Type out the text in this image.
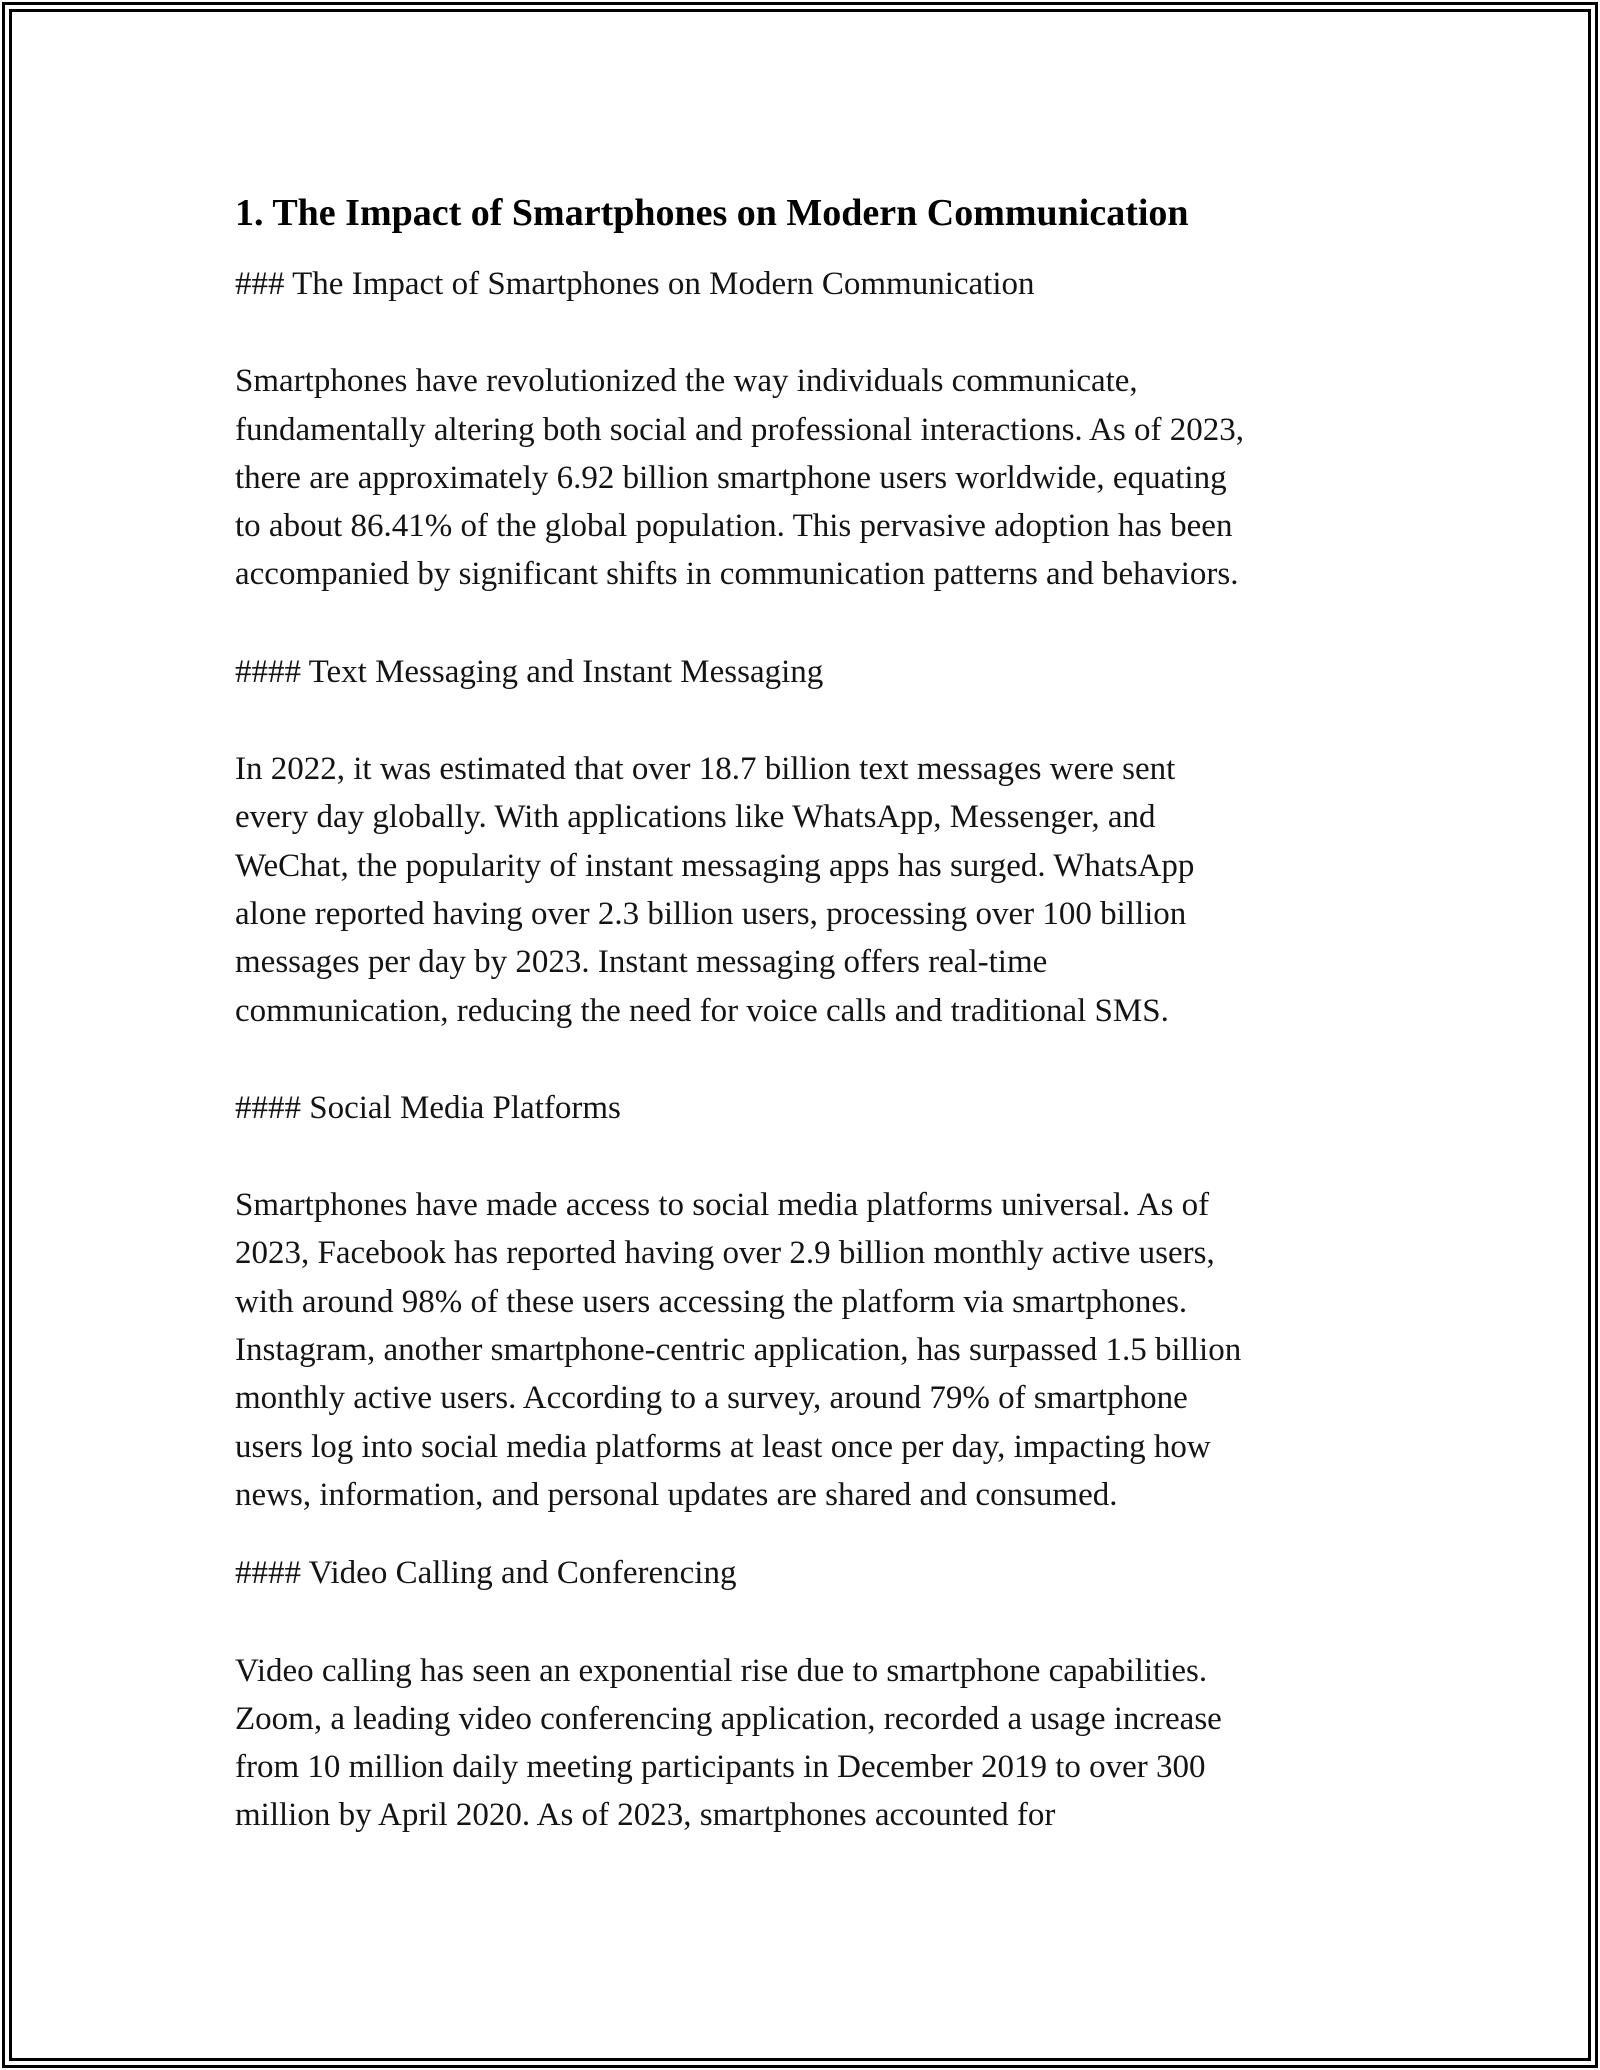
1. The Impact of Smartphones on Modern Communication

### The Impact of Smartphones on Modern Communication

Smartphones have revolutionized the way individuals communicate,
fundamentally altering both social and professional interactions. As of 2023,
there are approximately 6.92 billion smartphone users worldwide, equating
to about 86.41% of the global population. This pervasive adoption has been
accompanied by significant shifts in communication patterns and behaviors.

#### Text Messaging and Instant Messaging

In 2022, it was estimated that over 18.7 billion text messages were sent
every day globally. With applications like WhatsApp, Messenger, and
WeChat, the popularity of instant messaging apps has surged. WhatsApp
alone reported having over 2.3 billion users, processing over 100 billion
messages per day by 2023. Instant messaging offers real-time
communication, reducing the need for voice calls and traditional SMS.

#### Social Media Platforms

Smartphones have made access to social media platforms universal. As of
2023, Facebook has reported having over 2.9 billion monthly active users,
with around 98% of these users accessing the platform via smartphones.
Instagram, another smartphone-centric application, has surpassed 1.5 billion
monthly active users. According to a survey, around 79% of smartphone
users log into social media platforms at least once per day, impacting how
news, information, and personal updates are shared and consumed.

#### Video Calling and Conferencing

Video calling has seen an exponential rise due to smartphone capabilities.
Zoom, a leading video conferencing application, recorded a usage increase
from 10 million daily meeting participants in December 2019 to over 300
million by April 2020. As of 2023, smartphones accounted for
